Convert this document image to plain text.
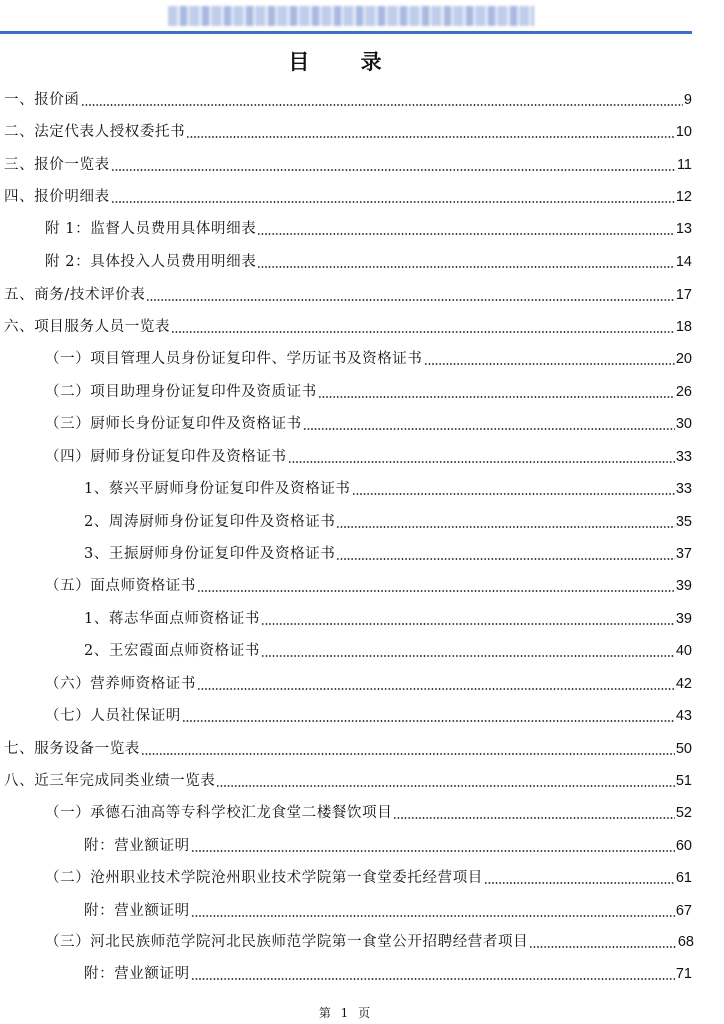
目 录
一、报价函	9
二、法定代表人授权委托书	10
三、报价一览表	11
四、报价明细表	12
附 1：监督人员费用具体明细表	13
附 2：具体投入人员费用明细表	14
五、商务/技术评价表	17
六、项目服务人员一览表	18
（一）项目管理人员身份证复印件、学历证书及资格证书	20
（二）项目助理身份证复印件及资质证书	26
（三）厨师长身份证复印件及资格证书	30
（四）厨师身份证复印件及资格证书	33
1、蔡兴平厨师身份证复印件及资格证书	33
2、周涛厨师身份证复印件及资格证书	35
3、王振厨师身份证复印件及资格证书	37
（五）面点师资格证书	39
1、蒋志华面点师资格证书	39
2、王宏霞面点师资格证书	40
（六）营养师资格证书	42
（七）人员社保证明	43
七、服务设备一览表	50
八、近三年完成同类业绩一览表	51
（一）承德石油高等专科学校汇龙食堂二楼餐饮项目	52
附：营业额证明	60
（二）沧州职业技术学院沧州职业技术学院第一食堂委托经营项目	61
附：营业额证明	67
（三）河北民族师范学院河北民族师范学院第一食堂公开招聘经营者项目	68
附：营业额证明	71
第 1 页
